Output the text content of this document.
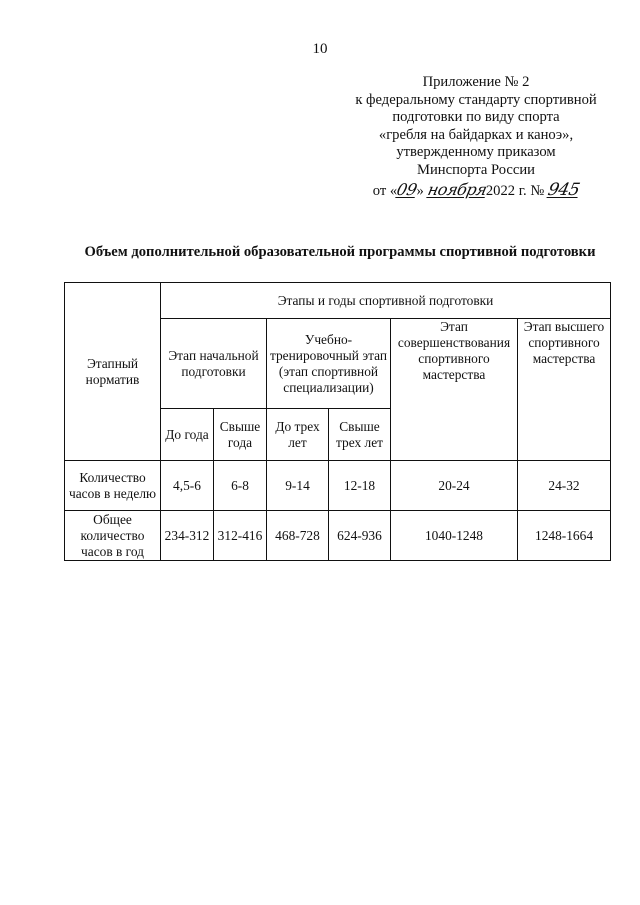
10
Приложение № 2
к федеральному стандарту спортивной
подготовки по виду спорта
«гребля на байдарках и каноэ»,
утвержденному приказом
Минспорта России
от «09» ноября2022 г. № 945
Объем дополнительной образовательной программы спортивной подготовки
Этапный норматив	Этапы и годы спортивной подготовки					
	Этап начальной подготовки		Учебно-тренировочный этап (этап спортивной специализации)		Этап совершенствования спортивного мастерства	Этап высшего спортивного мастерства
	До года	Свыше года	До трех лет	Свыше трех лет		
Количество часов в неделю	4,5-6	6-8	9-14	12-18	20-24	24-32
Общее количество часов в год	234-312	312-416	468-728	624-936	1040-1248	1248-1664
